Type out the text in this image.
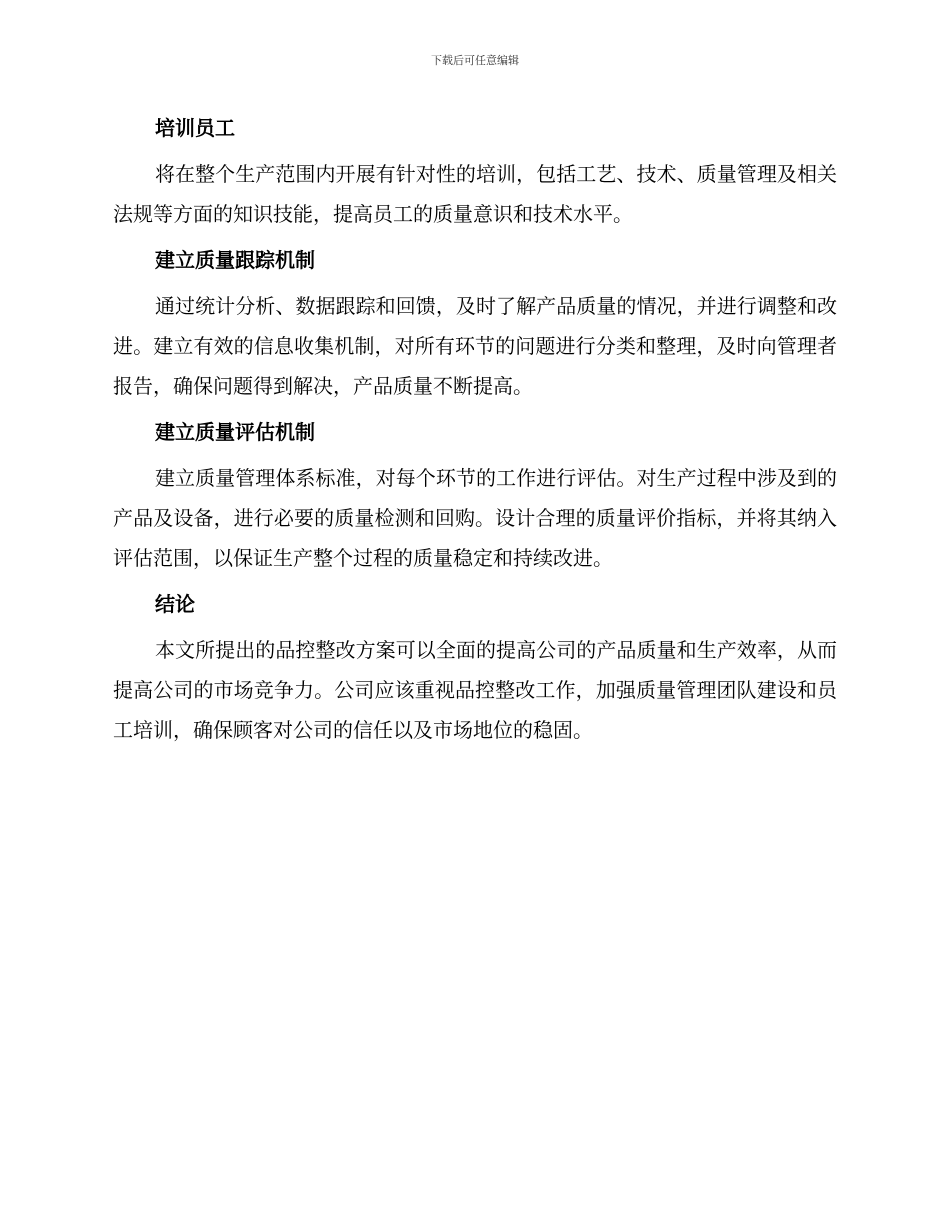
下载后可任意编辑
培训员工

将在整个生产范围内开展有针对性的培训，包括工艺、技术、质量管理及相关法规等方面的知识技能，提高员工的质量意识和技术水平。

建立质量跟踪机制

通过统计分析、数据跟踪和回馈，及时了解产品质量的情况，并进行调整和改进。建立有效的信息收集机制，对所有环节的问题进行分类和整理，及时向管理者报告，确保问题得到解决，产品质量不断提高。

建立质量评估机制

建立质量管理体系标准，对每个环节的工作进行评估。对生产过程中涉及到的产品及设备，进行必要的质量检测和回购。设计合理的质量评价指标，并将其纳入评估范围，以保证生产整个过程的质量稳定和持续改进。

结论

本文所提出的品控整改方案可以全面的提高公司的产品质量和生产效率，从而提高公司的市场竞争力。公司应该重视品控整改工作，加强质量管理团队建设和员工培训，确保顾客对公司的信任以及市场地位的稳固。
